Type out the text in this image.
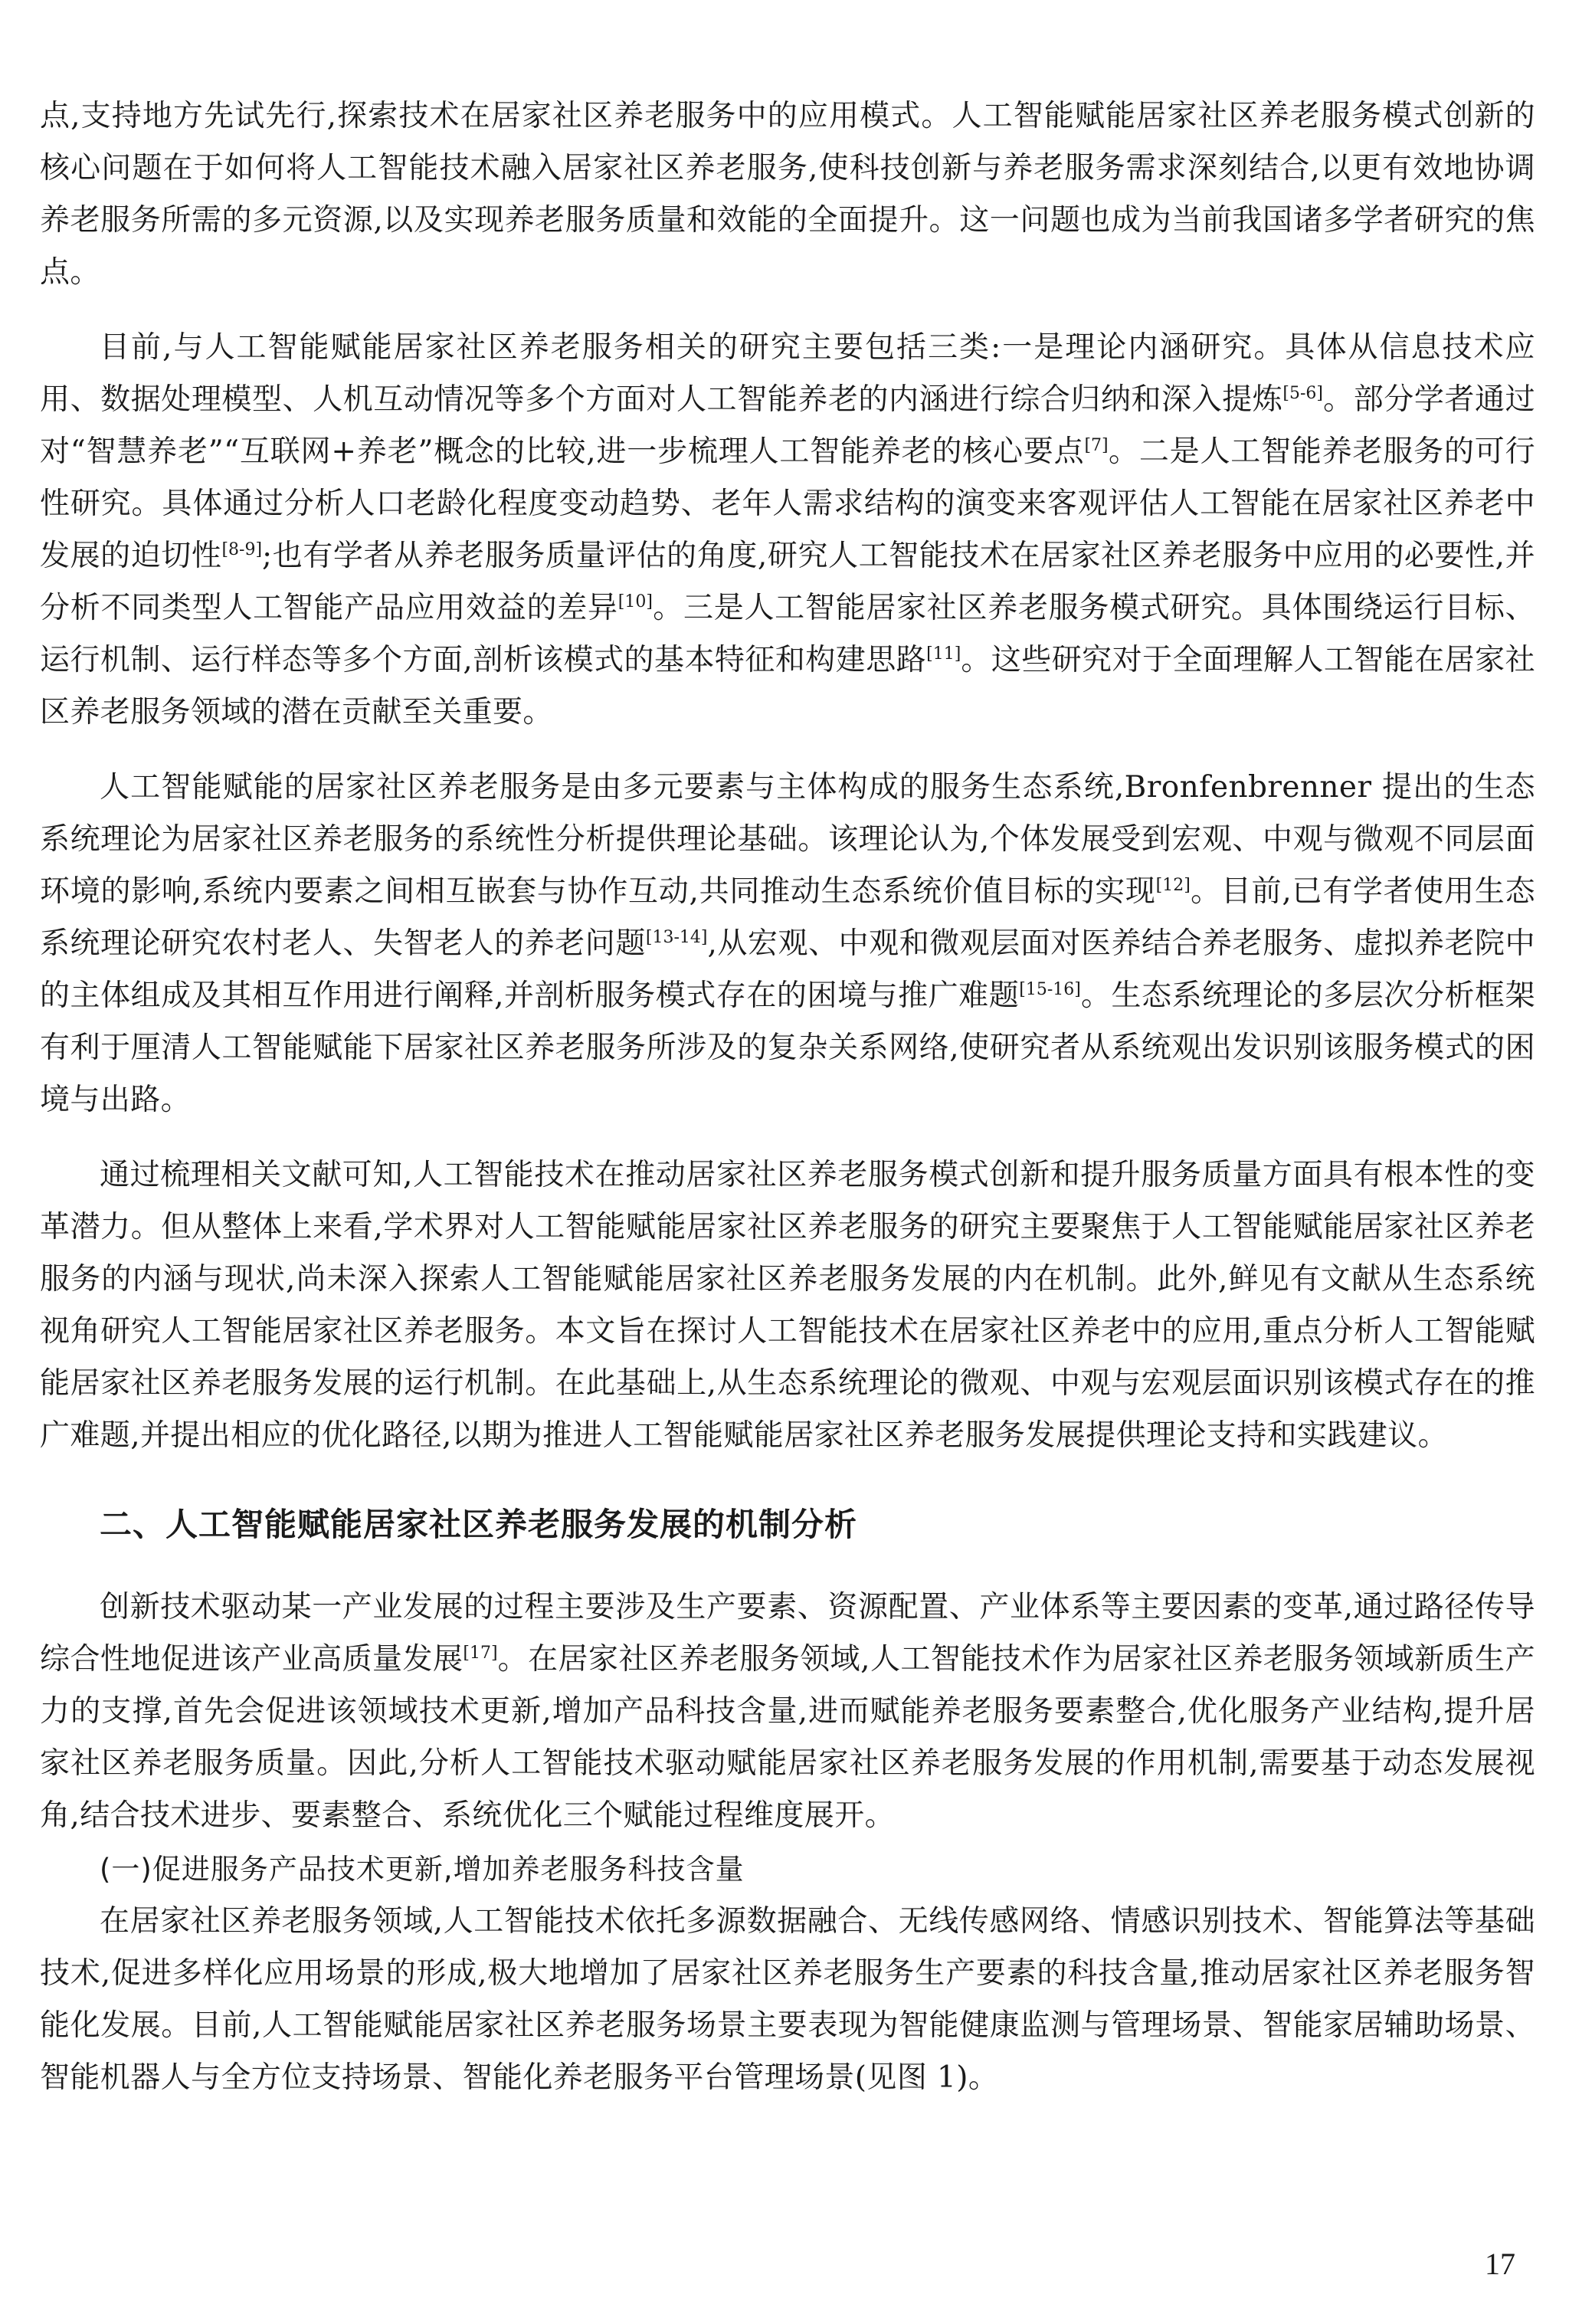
点,支持地方先试先行,探索技术在居家社区养老服务中的应用模式。人工智能赋能居家社区养老服务模式创新的核心问题在于如何将人工智能技术融入居家社区养老服务,使科技创新与养老服务需求深刻结合,以更有效地协调养老服务所需的多元资源,以及实现养老服务质量和效能的全面提升。这一问题也成为当前我国诸多学者研究的焦点。

目前,与人工智能赋能居家社区养老服务相关的研究主要包括三类:一是理论内涵研究。具体从信息技术应用、数据处理模型、人机互动情况等多个方面对人工智能养老的内涵进行综合归纳和深入提炼[5-6]。部分学者通过对“智慧养老”“互联网+养老”概念的比较,进一步梳理人工智能养老的核心要点[7]。二是人工智能养老服务的可行性研究。具体通过分析人口老龄化程度变动趋势、老年人需求结构的演变来客观评估人工智能在居家社区养老中发展的迫切性[8-9];也有学者从养老服务质量评估的角度,研究人工智能技术在居家社区养老服务中应用的必要性,并分析不同类型人工智能产品应用效益的差异[10]。三是人工智能居家社区养老服务模式研究。具体围绕运行目标、运行机制、运行样态等多个方面,剖析该模式的基本特征和构建思路[11]。这些研究对于全面理解人工智能在居家社区养老服务领域的潜在贡献至关重要。

人工智能赋能的居家社区养老服务是由多元要素与主体构成的服务生态系统,Bronfenbrenner 提出的生态系统理论为居家社区养老服务的系统性分析提供理论基础。该理论认为,个体发展受到宏观、中观与微观不同层面环境的影响,系统内要素之间相互嵌套与协作互动,共同推动生态系统价值目标的实现[12]。目前,已有学者使用生态系统理论研究农村老人、失智老人的养老问题[13-14],从宏观、中观和微观层面对医养结合养老服务、虚拟养老院中的主体组成及其相互作用进行阐释,并剖析服务模式存在的困境与推广难题[15-16]。生态系统理论的多层次分析框架有利于厘清人工智能赋能下居家社区养老服务所涉及的复杂关系网络,使研究者从系统观出发识别该服务模式的困境与出路。

通过梳理相关文献可知,人工智能技术在推动居家社区养老服务模式创新和提升服务质量方面具有根本性的变革潜力。但从整体上来看,学术界对人工智能赋能居家社区养老服务的研究主要聚焦于人工智能赋能居家社区养老服务的内涵与现状,尚未深入探索人工智能赋能居家社区养老服务发展的内在机制。此外,鲜见有文献从生态系统视角研究人工智能居家社区养老服务。本文旨在探讨人工智能技术在居家社区养老中的应用,重点分析人工智能赋能居家社区养老服务发展的运行机制。在此基础上,从生态系统理论的微观、中观与宏观层面识别该模式存在的推广难题,并提出相应的优化路径,以期为推进人工智能赋能居家社区养老服务发展提供理论支持和实践建议。

二、人工智能赋能居家社区养老服务发展的机制分析

创新技术驱动某一产业发展的过程主要涉及生产要素、资源配置、产业体系等主要因素的变革,通过路径传导综合性地促进该产业高质量发展[17]。在居家社区养老服务领域,人工智能技术作为居家社区养老服务领域新质生产力的支撑,首先会促进该领域技术更新,增加产品科技含量,进而赋能养老服务要素整合,优化服务产业结构,提升居家社区养老服务质量。因此,分析人工智能技术驱动赋能居家社区养老服务发展的作用机制,需要基于动态发展视角,结合技术进步、要素整合、系统优化三个赋能过程维度展开。

(一)促进服务产品技术更新,增加养老服务科技含量

在居家社区养老服务领域,人工智能技术依托多源数据融合、无线传感网络、情感识别技术、智能算法等基础技术,促进多样化应用场景的形成,极大地增加了居家社区养老服务生产要素的科技含量,推动居家社区养老服务智能化发展。目前,人工智能赋能居家社区养老服务场景主要表现为智能健康监测与管理场景、智能家居辅助场景、智能机器人与全方位支持场景、智能化养老服务平台管理场景(见图 1)。

17
